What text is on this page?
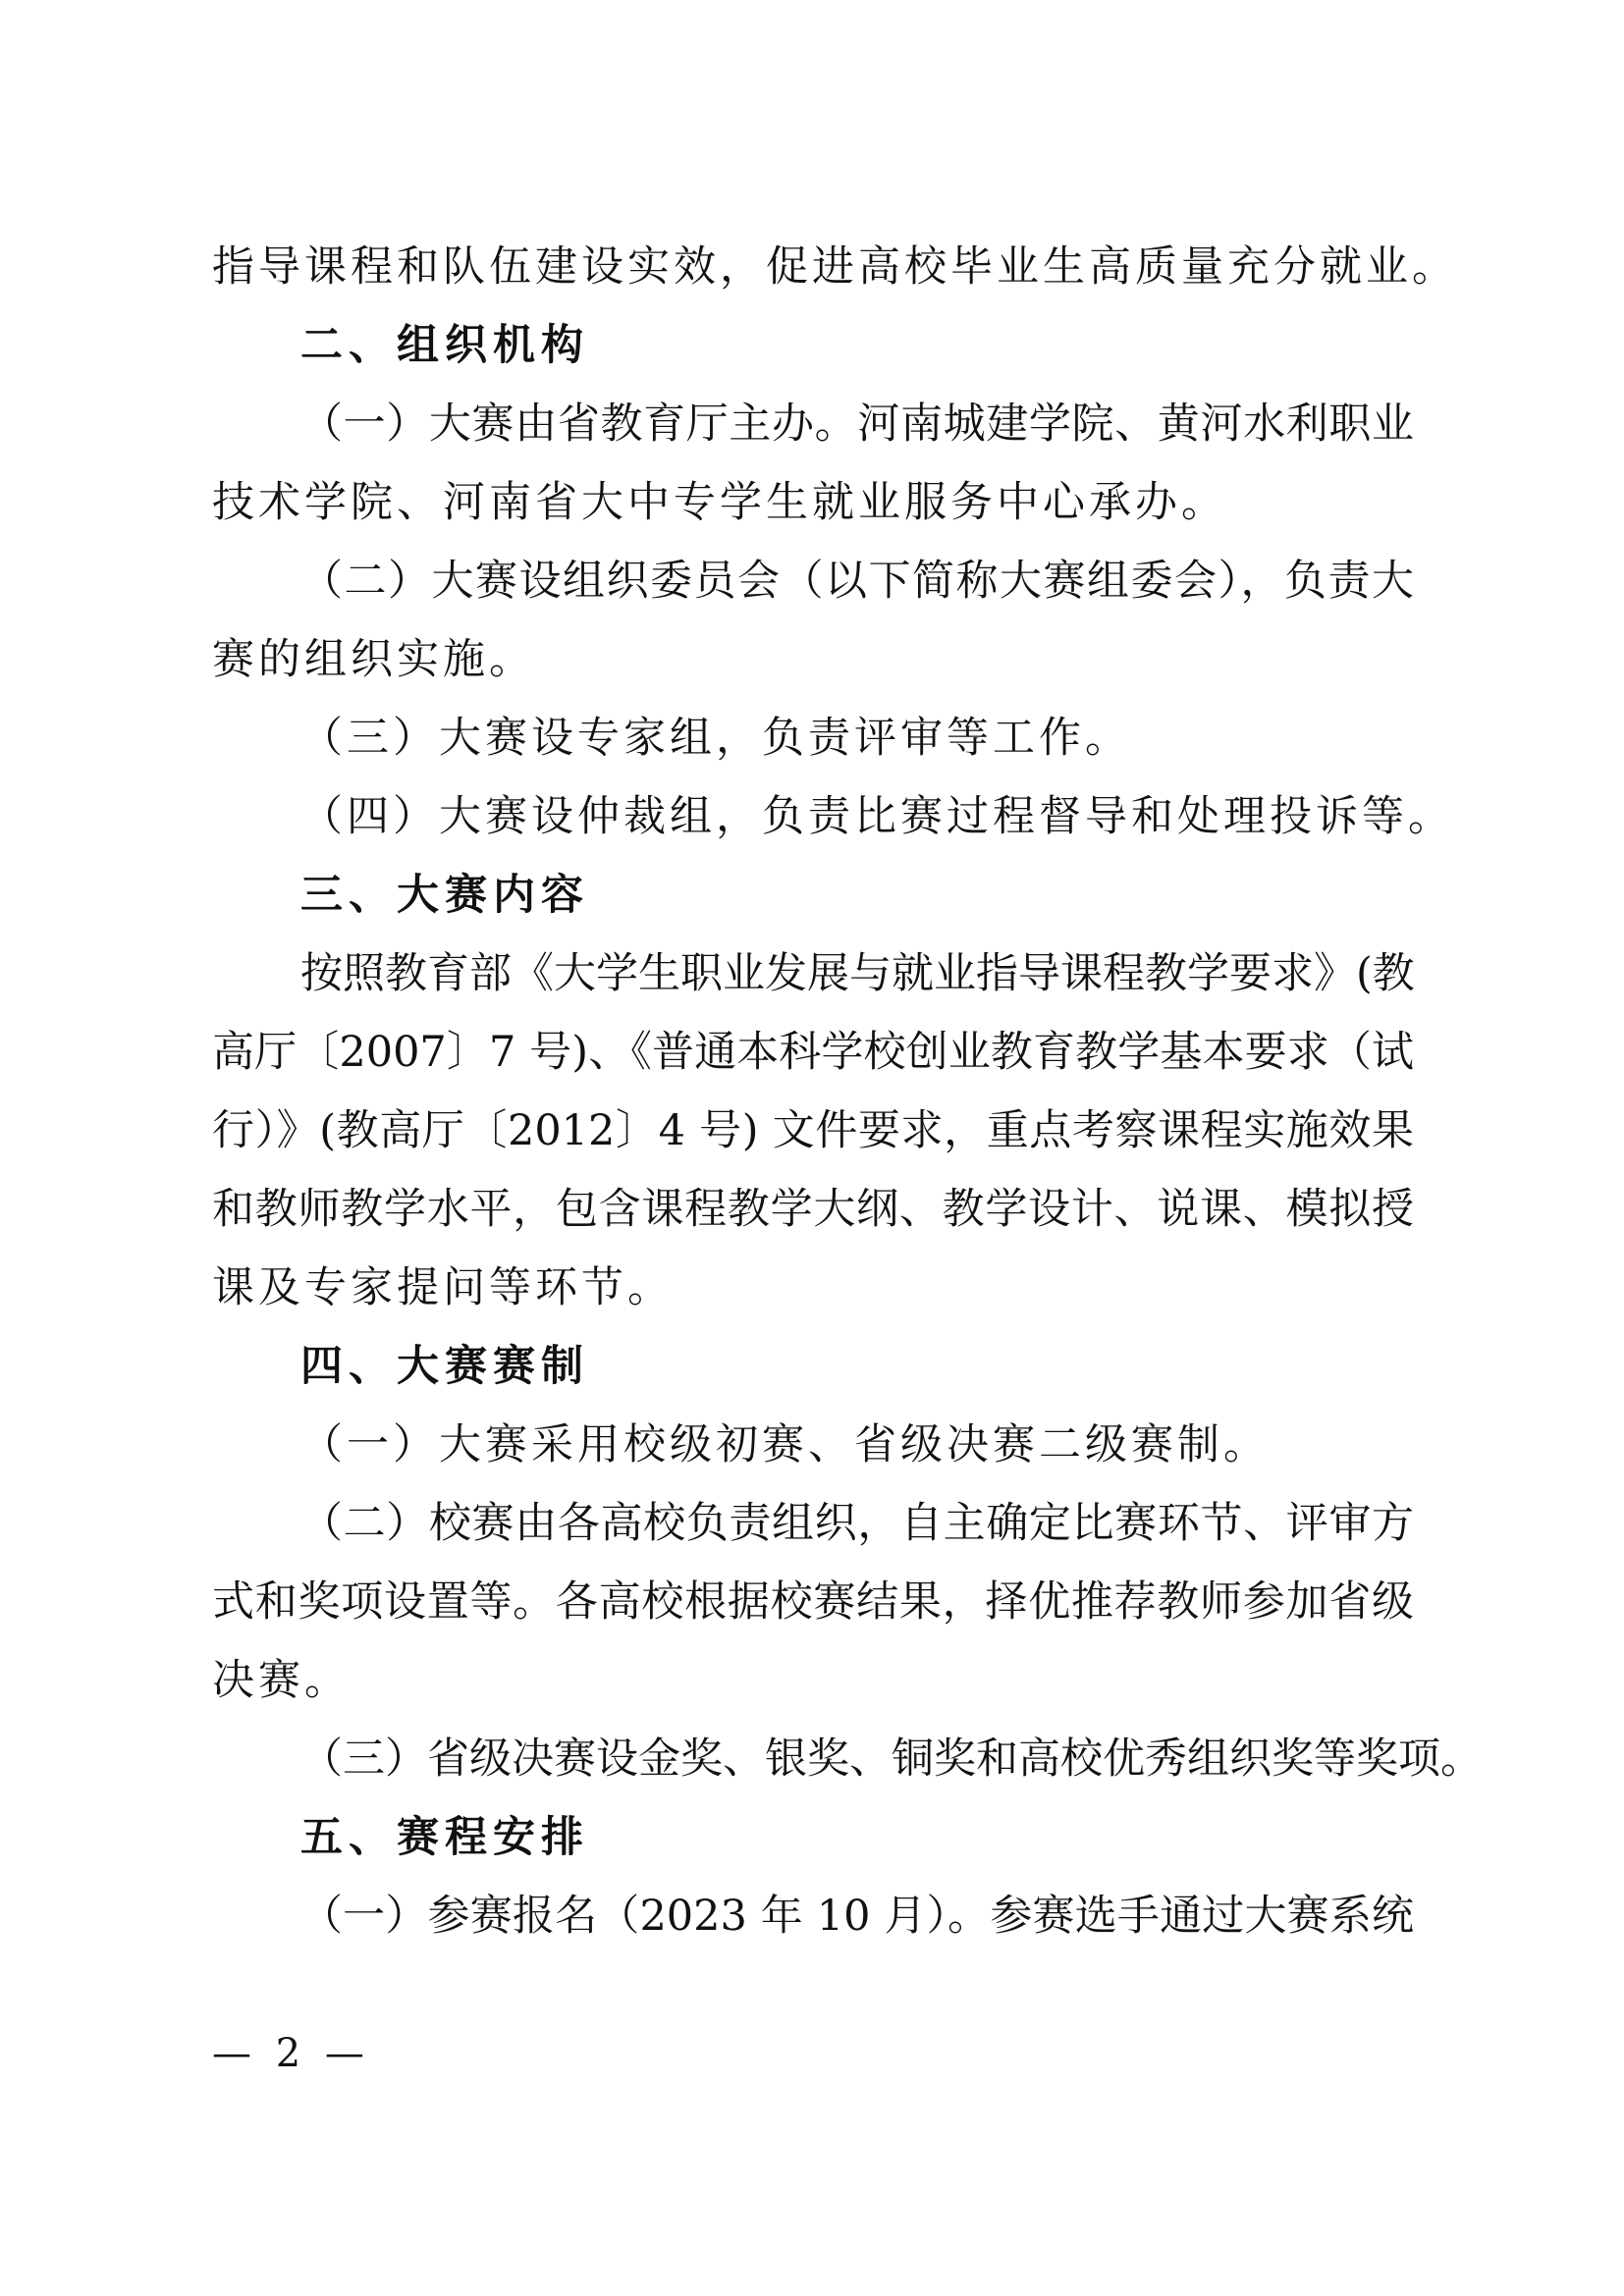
指导课程和队伍建设实效，促进高校毕业生高质量充分就业。
二、组织机构
（一）大赛由省教育厅主办。河南城建学院、黄河水利职业
技术学院、河南省大中专学生就业服务中心承办。
（二）大赛设组织委员会（以下简称大赛组委会），负责大
赛的组织实施。
（三）大赛设专家组，负责评审等工作。
（四）大赛设仲裁组，负责比赛过程督导和处理投诉等。
三、大赛内容
按照教育部《大学生职业发展与就业指导课程教学要求》(教
高厅〔2007〕7 号)、《普通本科学校创业教育教学基本要求（试
行）》(教高厅〔2012〕4 号) 文件要求，重点考察课程实施效果
和教师教学水平，包含课程教学大纲、教学设计、说课、模拟授
课及专家提问等环节。
四、大赛赛制
（一）大赛采用校级初赛、省级决赛二级赛制。
（二）校赛由各高校负责组织，自主确定比赛环节、评审方
式和奖项设置等。各高校根据校赛结果，择优推荐教师参加省级
决赛。
（三）省级决赛设金奖、银奖、铜奖和高校优秀组织奖等奖项。
五、赛程安排
（一）参赛报名（2023 年 10 月）。参赛选手通过大赛系统
— 2 —
